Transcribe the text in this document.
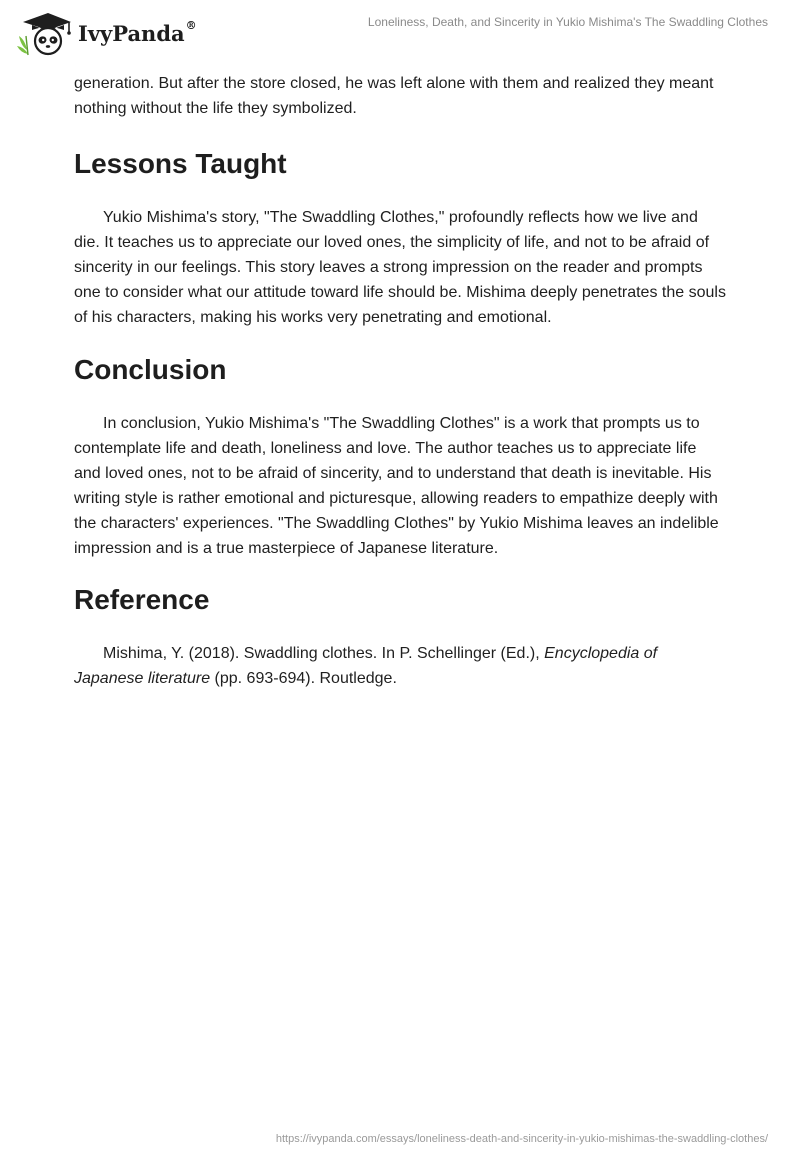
IvyPanda®	Loneliness, Death, and Sincerity in Yukio Mishima's The Swaddling Clothes

generation. But after the store closed, he was left alone with them and realized they meant nothing without the life they symbolized.

Lessons Taught

Yukio Mishima's story, "The Swaddling Clothes," profoundly reflects how we live and die. It teaches us to appreciate our loved ones, the simplicity of life, and not to be afraid of sincerity in our feelings. This story leaves a strong impression on the reader and prompts one to consider what our attitude toward life should be. Mishima deeply penetrates the souls of his characters, making his works very penetrating and emotional.

Conclusion

In conclusion, Yukio Mishima's "The Swaddling Clothes" is a work that prompts us to contemplate life and death, loneliness and love. The author teaches us to appreciate life and loved ones, not to be afraid of sincerity, and to understand that death is inevitable. His writing style is rather emotional and picturesque, allowing readers to empathize deeply with the characters' experiences. "The Swaddling Clothes" by Yukio Mishima leaves an indelible impression and is a true masterpiece of Japanese literature.

Reference

Mishima, Y. (2018). Swaddling clothes. In P. Schellinger (Ed.), Encyclopedia of Japanese literature (pp. 693-694). Routledge.

https://ivypanda.com/essays/loneliness-death-and-sincerity-in-yukio-mishimas-the-swaddling-clothes/
